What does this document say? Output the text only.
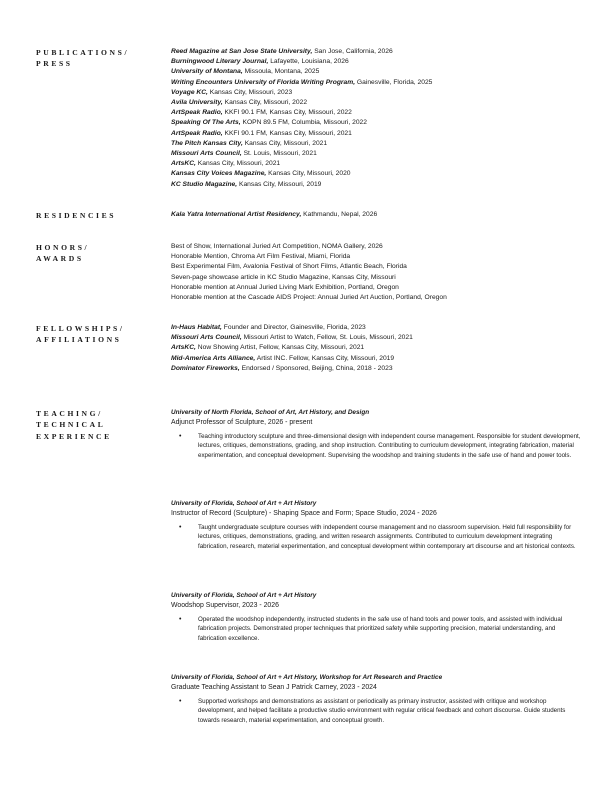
PUBLICATIONS/
PRESS
Reed Magazine at San Jose State University, San Jose, California, 2026
Burningwood Literary Journal, Lafayette, Louisiana, 2026
University of Montana, Missoula, Montana, 2025
Writing Encounters University of Florida Writing Program, Gainesville, Florida, 2025
Voyage KC, Kansas City, Missouri, 2023
Avila University, Kansas City, Missouri, 2022
ArtSpeak Radio, KKFI 90.1 FM, Kansas City, Missouri, 2022
Speaking Of The Arts, KOPN 89.5 FM, Columbia, Missouri, 2022
ArtSpeak Radio, KKFI 90.1 FM, Kansas City, Missouri, 2021
The Pitch Kansas City, Kansas City, Missouri, 2021
Missouri Arts Council, St. Louis, Missouri, 2021
ArtsKC, Kansas City, Missouri, 2021
Kansas City Voices Magazine, Kansas City, Missouri, 2020
KC Studio Magazine, Kansas City, Missouri, 2019
RESIDENCIES	Kala Yatra International Artist Residency, Kathmandu, Nepal, 2026
HONORS/
AWARDS
Best of Show, International Juried Art Competition, NOMA Gallery, 2026
Honorable Mention, Chroma Art Film Festival, Miami, Florida
Best Experimental Film, Avalonia Festival of Short Films, Atlantic Beach, Florida
Seven-page showcase article in KC Studio Magazine, Kansas City, Missouri
Honorable mention at Annual Juried Living Mark Exhibition, Portland, Oregon
Honorable mention at the Cascade AIDS Project: Annual Juried Art Auction, Portland, Oregon
FELLOWSHIPS/
AFFILIATIONS
In-Haus Habitat, Founder and Director, Gainesville, Florida, 2023
Missouri Arts Council, Missouri Artist to Watch, Fellow, St. Louis, Missouri, 2021
ArtsKC, Now Showing Artist, Fellow, Kansas City, Missouri, 2021
Mid-America Arts Alliance, Artist INC. Fellow, Kansas City, Missouri, 2019
Dominator Fireworks, Endorsed / Sponsored, Beijing, China, 2018 - 2023
TEACHING/
TECHNICAL
EXPERIENCE
University of North Florida, School of Art, Art History, and Design
Adjunct Professor of Sculpture, 2026 - present
•	Teaching introductory sculpture and three-dimensional design with independent course management. Responsible for student development, lectures, critiques, demonstrations, grading, and shop instruction. Contributing to curriculum development, integrating fabrication, material experimentation, and conceptual development. Supervising the woodshop and training students in the safe use of hand and power tools.
University of Florida, School of Art + Art History
Instructor of Record (Sculpture) - Shaping Space and Form; Space Studio, 2024 - 2026
•	Taught undergraduate sculpture courses with independent course management and no classroom supervision. Held full responsibility for lectures, critiques, demonstrations, grading, and written research assignments. Contributed to curriculum development integrating fabrication, research, material experimentation, and conceptual development within contemporary art discourse and art historical contexts.
University of Florida, School of Art + Art History
Woodshop Supervisor, 2023 - 2026
•	Operated the woodshop independently, instructed students in the safe use of hand tools and power tools, and assisted with individual fabrication projects. Demonstrated proper techniques that prioritized safety while supporting precision, material understanding, and fabrication excellence.
University of Florida, School of Art + Art History, Workshop for Art Research and Practice
Graduate Teaching Assistant to Sean J Patrick Carney, 2023 - 2024
•	Supported workshops and demonstrations as assistant or periodically as primary instructor, assisted with critique and workshop development, and helped facilitate a productive studio environment with regular critical feedback and cohort discourse. Guide students towards research, material experimentation, and conceptual growth.
